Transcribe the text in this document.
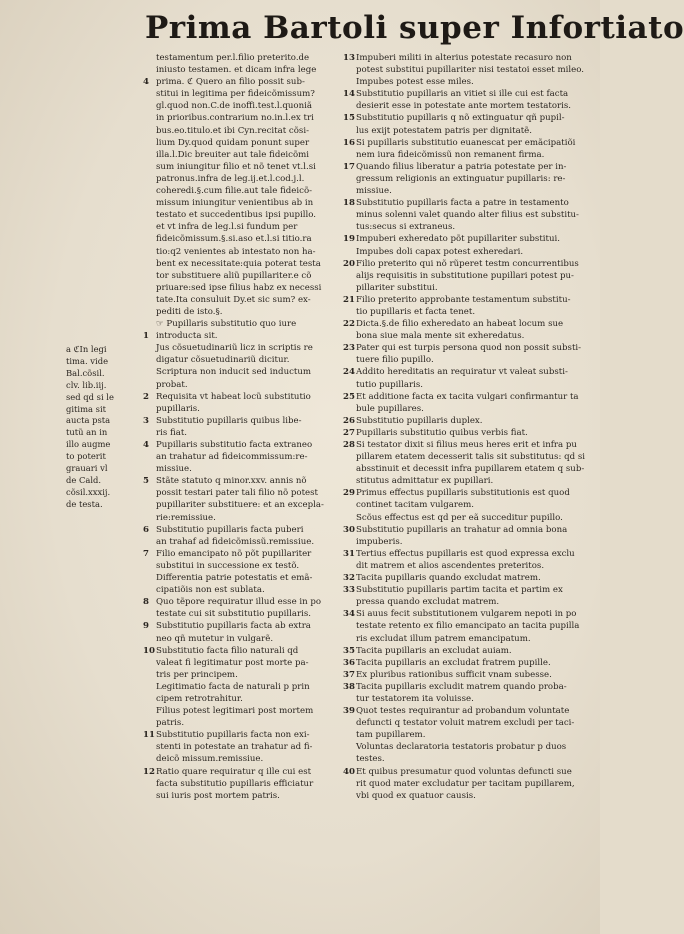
Prima Bartoli super Infortiato
a ℭIn legi
tima. vide
Bal.cõsil.
clv. lib.iij.
sed qd si le
gitima sit
aucta psta
tutũ an in
illo augme
to poterit
grauari vl
de Cald.
cõsil.xxxij.
de testa.
testamentum per.l.filio preterito.de
iniusto testamen. et dicam infra lege
4 prima. ℭ Quero an filio possit sub-
stitui in legitima per fideicõmissum?
gl.quod non.C.de inoffi.test.l.quoniã
in prioribus.contrarium no.in.l.ex tri
bus.eo.titulo.et ibi Cyn.recitat cõsi-
lium Dy.quod quidam ponunt super
illa.l.Dic breuiter aut tale fideicõmi
sum iniungitur filio et nõ tenet vt.l.si
patronus.infra de leg.ij.et.l.cod.j.l.
coheredi.§.cum filie.aut tale fideicõ-
missum iniungitur venientibus ab in
testato et succedentibus ipsi pupillo.
et vt infra de leg.l.si fundum per
fideicõmissum.§.si.aso et.l.si titio.ra
tio:q2 venientes ab intestato non ha-
bent ex necessitate:quia poterat testa
tor substituere aliũ pupillariter.e cõ
priuare:sed ipse filius habz ex necessi
tate.Ita consuluit Dy.et sic sum? ex-
pediti de isto.§.
☞ Pupillaris substitutio quo iure
1 introducta sit.
Jus cõsuetudinariũ licz in scriptis re
digatur cõsuetudinariũ dicitur.
Scriptura non inducit sed inductum
probat.
2 Requisita vt habeat locũ substitutio
pupillaris.
3 Substitutio pupillaris quibus libe-
ris fiat.
4 Pupillaris substitutio facta extraneo
an trahatur ad fideicommissum:re-
missiue.
5 Stãte statuto q minor.xxv. annis nõ
possit testari pater tali filio nõ potest
pupillariter substituere: et an excepla-
rie:remissiue.
6 Substitutio pupillaris facta puberi
an trahaf ad fideicõmissũ.remissiue.
7 Filio emancipato nõ põt pupillariter
substitui in successione ex testõ.
Differentia patrie potestatis et emã-
cipatiõis non est sublata.
8 Quo tẽpore requiratur illud esse in po
testate cui sit substitutio pupillaris.
9 Substitutio pupillaris facta ab extra
neo qñ mutetur in vulgarẽ.
10Substitutio facta filio naturali qd
valeat fi legitimatur post morte pa-
tris per principem.
Legitimatio facta de naturali p prin
cipem retrotrahitur.
Filius potest legitimari post mortem
patris.
11Substitutio pupillaris facta non exi-
stenti in potestate an trahatur ad fi-
deicõ missum.remissiue.
12Ratio quare requiratur q ille cui est
facta substitutio pupillaris efficiatur
sui iuris post mortem patris.
13Impuberi militi in alterius potestate recasuro non
potest substitui pupillariter nisi testatoi esset mileo.
Impubes potest esse miles.
14Substitutio pupillaris an vitiet si ille cui est facta
desierit esse in potestate ante mortem testatoris.
15Substitutio pupillaris q nõ extinguatur qñ pupil-
lus exijt potestatem patris per dignitatẽ.
16Si pupillaris substitutio euanescat per emãcipatiõi
nem iura fideicõmissũ non remanent firma.
17Quando filius liberatur a patria potestate per in-
gressum religionis an extinguatur pupillaris: re-
missiue.
18Substitutio pupillaris facta a patre in testamento
minus solenni valet quando alter filius est substitu-
tus:secus si extraneus.
19Impuberi exheredato põt pupillariter substitui.
Impubes doli capax potest exheredari.
20Filio preterito qui nõ rũperet testm concurrentibus
alijs requisitis in substitutione pupillari potest pu-
pillariter substitui.
21Filio preterito approbante testamentum substitu-
tio pupillaris et facta tenet.
22Dicta.§.de filio exheredato an habeat locum sue
bona siue mala mente sit exheredatus.
23Pater qui est turpis persona quod non possit substi-
tuere filio pupillo.
24Addito hereditatis an requiratur vt valeat substi-
tutio pupillaris.
25Et additione facta ex tacita vulgari confirmantur ta
bule pupillares.
26Substitutio pupillaris duplex.
27Pupillaris substitutio quibus verbis fiat.
28Si testator dixit si filius meus heres erit et infra pu
pillarem etatem decesserit talis sit substitutus: qd si
absstinuit et decessit infra pupillarem etatem q sub-
stitutus admittatur ex pupillari.
29Primus effectus pupillaris substitutionis est quod
continet tacitam vulgarem.
Scõus effectus est qd per eã succeditur pupillo.
30Substitutio pupillaris an trahatur ad omnia bona
impuberis.
31Tertius effectus pupillaris est quod expressa exclu
dit matrem et alios ascendentes preteritos.
32Tacita pupillaris quando excludat matrem.
33Substitutio pupillaris partim tacita et partim ex
pressa quando excludat matrem.
34Si auus fecit substitutionem vulgarem nepoti in po
testate retento ex filio emancipato an tacita pupilla
ris excludat illum patrem emancipatum.
35Tacita pupillaris an excludat auiam.
36Tacita pupillaris an excludat fratrem pupille.
37Ex pluribus rationibus sufficit vnam subesse.
38Tacita pupillaris excludit matrem quando proba-
tur testatorem ita voluisse.
39Quot testes requirantur ad probandum voluntate
defuncti q testator voluit matrem excludi per taci-
tam pupillarem.
Voluntas declaratoria testatoris probatur p duos
testes.
40Et quibus presumatur quod voluntas defuncti sue
rit quod mater excludatur per tacitam pupillarem,
vbi quod ex quatuor causis.
